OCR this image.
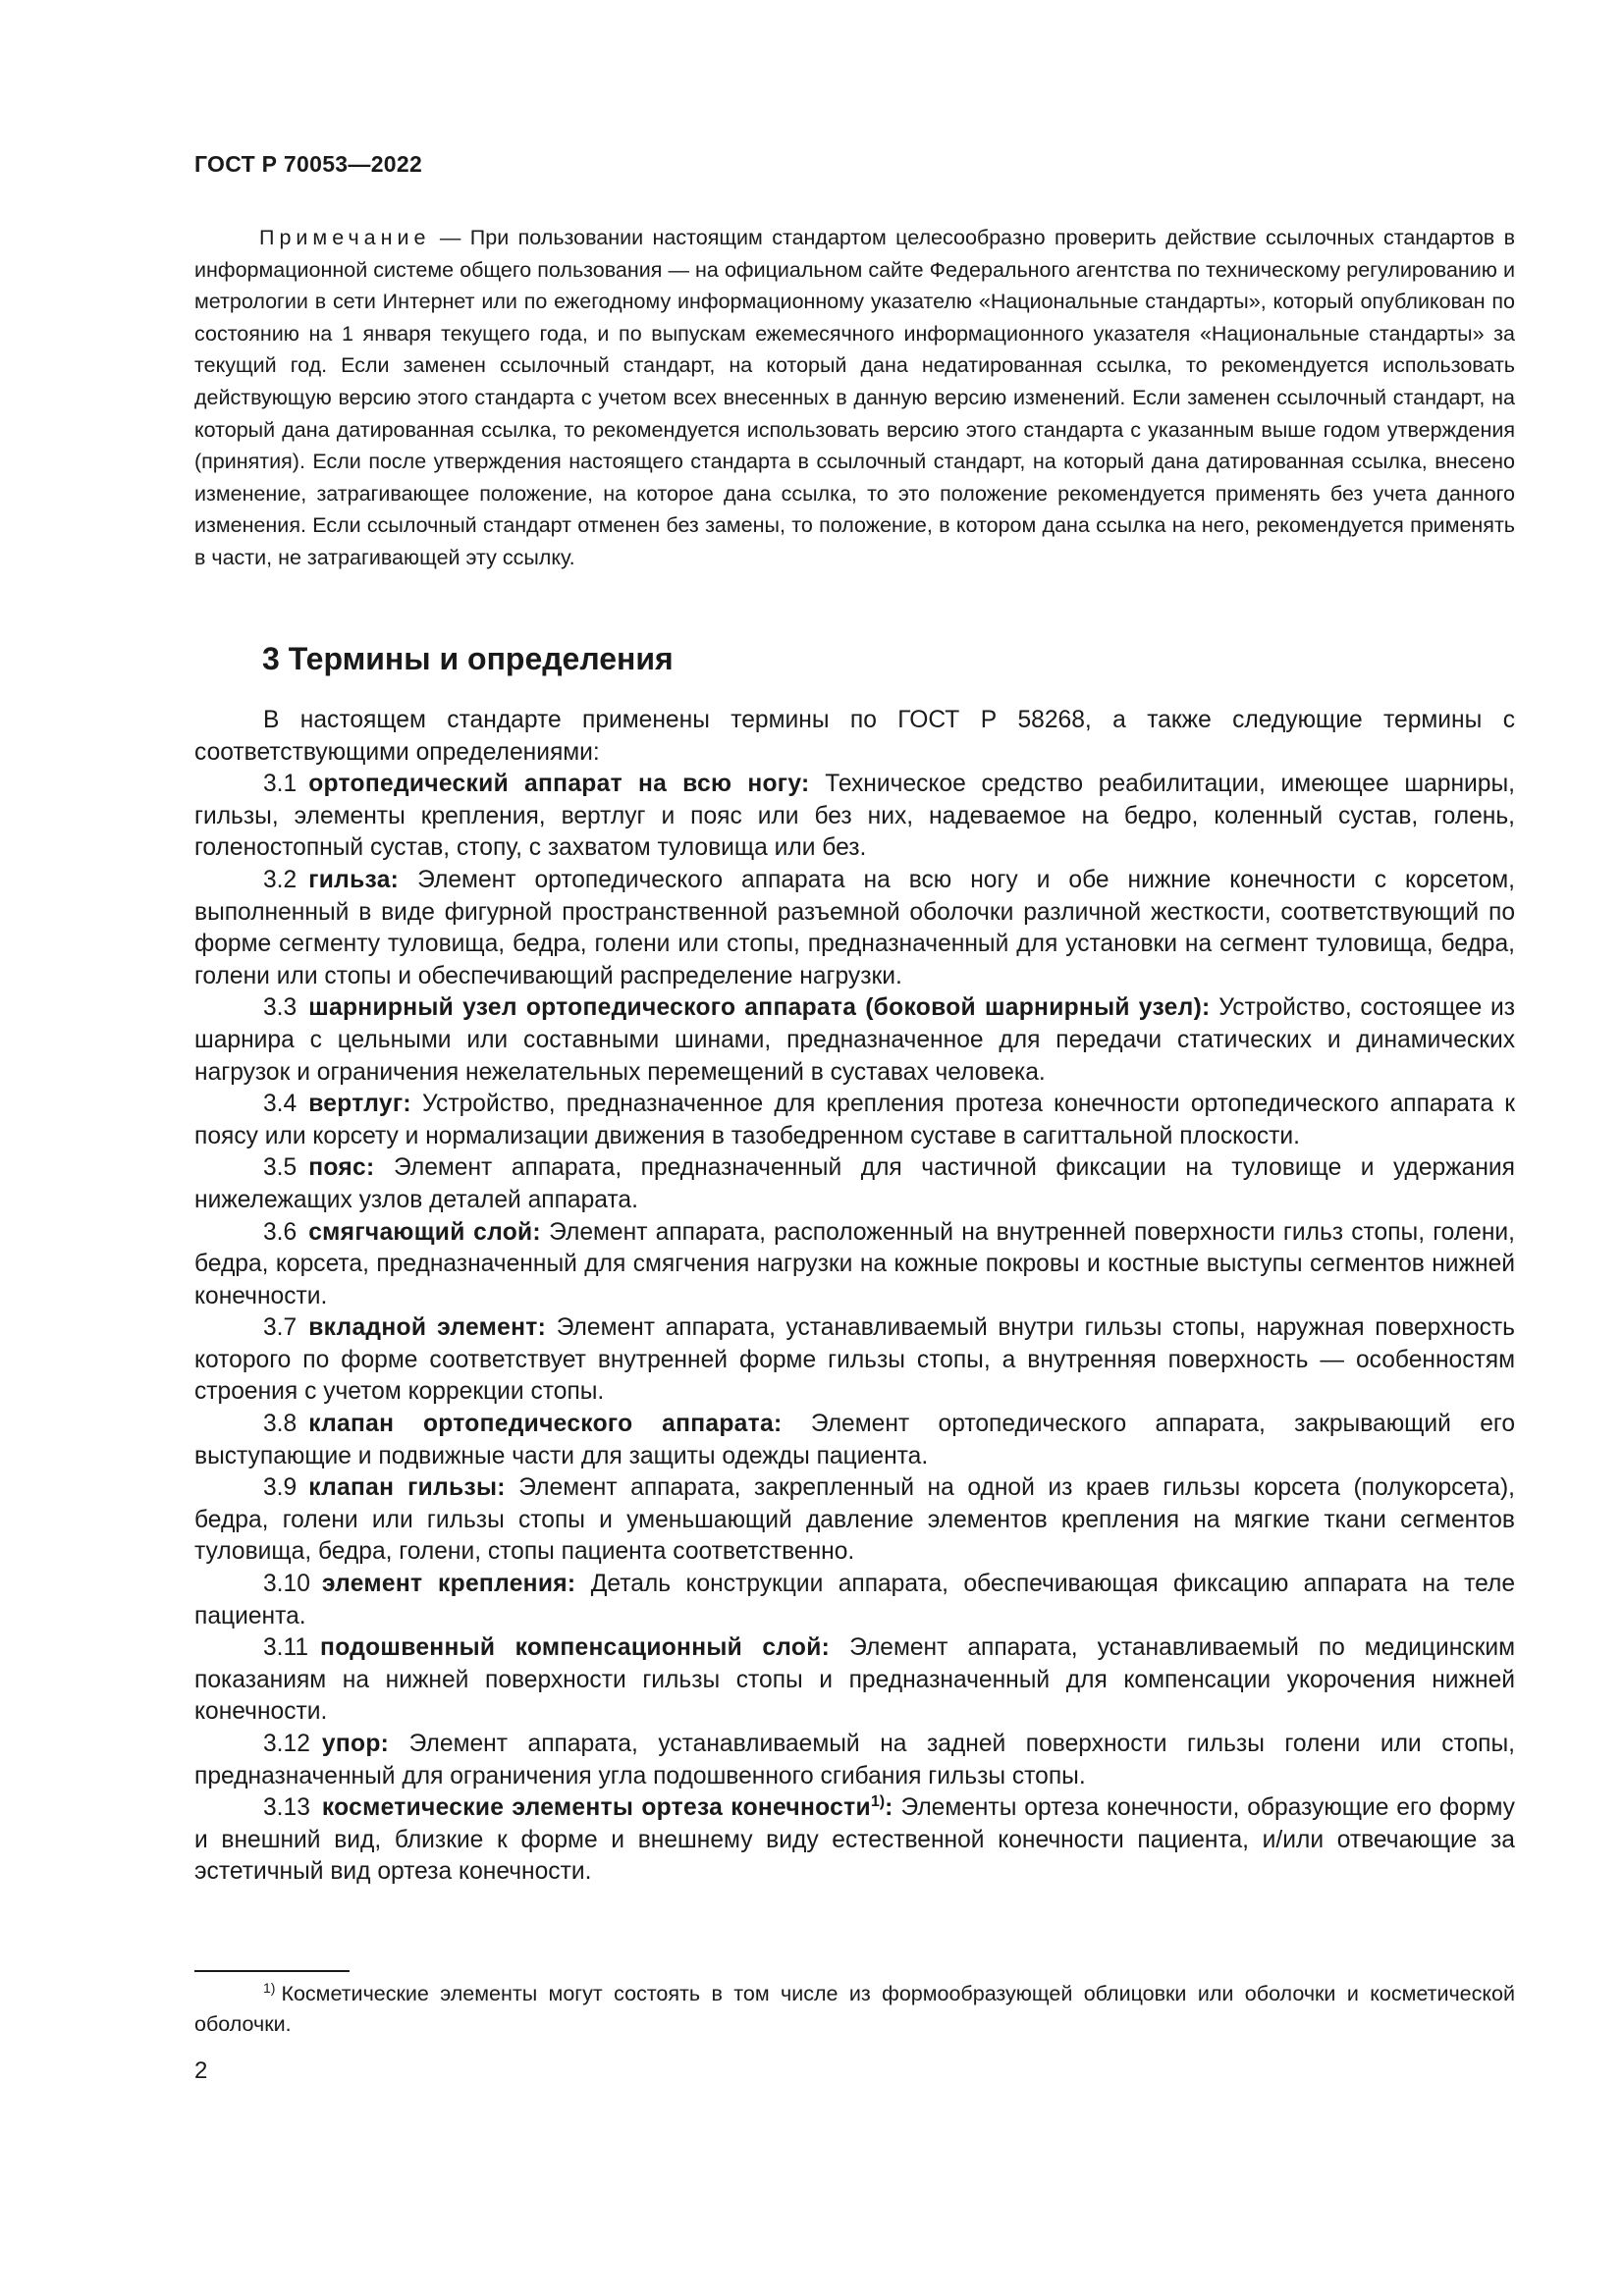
ГОСТ Р 70053—2022

Примечание — При пользовании настоящим стандартом целесообразно проверить действие ссылочных стандартов в информационной системе общего пользования — на официальном сайте Федерального агентства по техническому регулированию и метрологии в сети Интернет или по ежегодному информационному указателю «Национальные стандарты», который опубликован по состоянию на 1 января текущего года, и по выпускам ежемесячного информационного указателя «Национальные стандарты» за текущий год. Если заменен ссылочный стандарт, на который дана недатированная ссылка, то рекомендуется использовать действующую версию этого стандарта с учетом всех внесенных в данную версию изменений. Если заменен ссылочный стандарт, на который дана датированная ссылка, то рекомендуется использовать версию этого стандарта с указанным выше годом утверждения (принятия). Если после утверждения настоящего стандарта в ссылочный стандарт, на который дана датированная ссылка, внесено изменение, затрагивающее положение, на которое дана ссылка, то это положение рекомендуется применять без учета данного изменения. Если ссылочный стандарт отменен без замены, то положение, в котором дана ссылка на него, рекомендуется применять в части, не затрагивающей эту ссылку.

3 Термины и определения

В настоящем стандарте применены термины по ГОСТ Р 58268, а также следующие термины с соответствующими определениями:

3.1 ортопедический аппарат на всю ногу: Техническое средство реабилитации, имеющее шарниры, гильзы, элементы крепления, вертлуг и пояс или без них, надеваемое на бедро, коленный сустав, голень, голеностопный сустав, стопу, с захватом туловища или без.

3.2 гильза: Элемент ортопедического аппарата на всю ногу и обе нижние конечности с корсетом, выполненный в виде фигурной пространственной разъемной оболочки различной жесткости, соответствующий по форме сегменту туловища, бедра, голени или стопы, предназначенный для установки на сегмент туловища, бедра, голени или стопы и обеспечивающий распределение нагрузки.

3.3 шарнирный узел ортопедического аппарата (боковой шарнирный узел): Устройство, состоящее из шарнира с цельными или составными шинами, предназначенное для передачи статических и динамических нагрузок и ограничения нежелательных перемещений в суставах человека.

3.4 вертлуг: Устройство, предназначенное для крепления протеза конечности ортопедического аппарата к поясу или корсету и нормализации движения в тазобедренном суставе в сагиттальной плоскости.

3.5 пояс: Элемент аппарата, предназначенный для частичной фиксации на туловище и удержания нижележащих узлов деталей аппарата.

3.6 смягчающий слой: Элемент аппарата, расположенный на внутренней поверхности гильз стопы, голени, бедра, корсета, предназначенный для смягчения нагрузки на кожные покровы и костные выступы сегментов нижней конечности.

3.7 вкладной элемент: Элемент аппарата, устанавливаемый внутри гильзы стопы, наружная поверхность которого по форме соответствует внутренней форме гильзы стопы, а внутренняя поверхность — особенностям строения с учетом коррекции стопы.

3.8 клапан ортопедического аппарата: Элемент ортопедического аппарата, закрывающий его выступающие и подвижные части для защиты одежды пациента.

3.9 клапан гильзы: Элемент аппарата, закрепленный на одной из краев гильзы корсета (полукорсета), бедра, голени или гильзы стопы и уменьшающий давление элементов крепления на мягкие ткани сегментов туловища, бедра, голени, стопы пациента соответственно.

3.10 элемент крепления: Деталь конструкции аппарата, обеспечивающая фиксацию аппарата на теле пациента.

3.11 подошвенный компенсационный слой: Элемент аппарата, устанавливаемый по медицинским показаниям на нижней поверхности гильзы стопы и предназначенный для компенсации укорочения нижней конечности.

3.12 упор: Элемент аппарата, устанавливаемый на задней поверхности гильзы голени или стопы, предназначенный для ограничения угла подошвенного сгибания гильзы стопы.

3.13 косметические элементы ортеза конечности$^{1)}$: Элементы ортеза конечности, образующие его форму и внешний вид, близкие к форме и внешнему виду естественной конечности пациента, и/или отвечающие за эстетичный вид ортеза конечности.

$^{1)}$ Косметические элементы могут состоять в том числе из формообразующей облицовки или оболочки и косметической оболочки.

2
